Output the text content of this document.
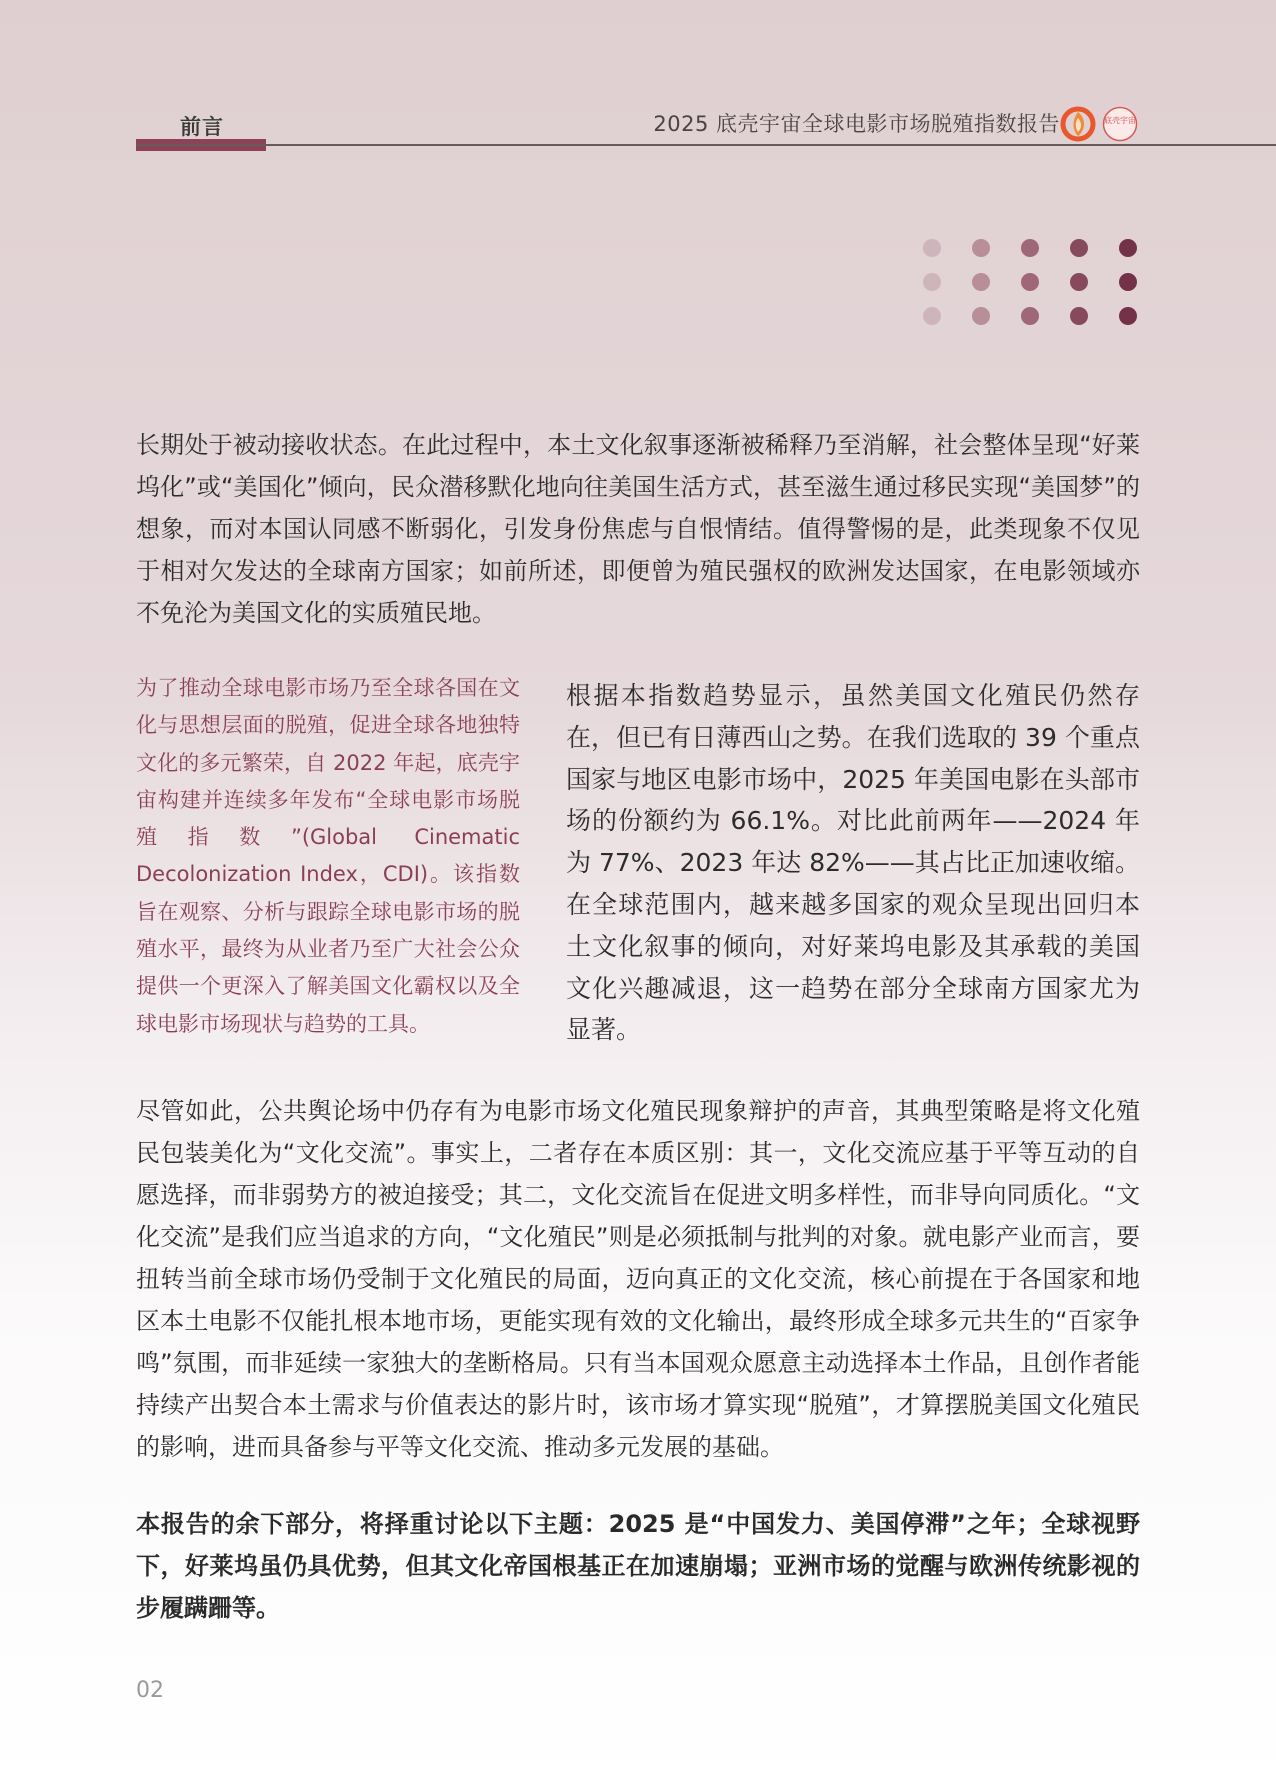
前言	2025 底壳宇宙全球电影市场脱殖指数报告	底壳宇宙

长期处于被动接收状态。在此过程中，本土文化叙事逐渐被稀释乃至消解，社会整体呈现“好莱坞化”或“美国化”倾向，民众潜移默化地向往美国生活方式，甚至滋生通过移民实现“美国梦”的想象，而对本国认同感不断弱化，引发身份焦虑与自恨情结。值得警惕的是，此类现象不仅见于相对欠发达的全球南方国家；如前所述，即便曾为殖民强权的欧洲发达国家，在电影领域亦不免沦为美国文化的实质殖民地。

为了推动全球电影市场乃至全球各国在文化与思想层面的脱殖，促进全球各地独特文化的多元繁荣，自 2022 年起，底壳宇宙构建并连续多年发布“全球电影市场脱殖指数”(Global Cinematic Decolonization Index，CDI)。该指数旨在观察、分析与跟踪全球电影市场的脱殖水平，最终为从业者乃至广大社会公众提供一个更深入了解美国文化霸权以及全球电影市场现状与趋势的工具。

根据本指数趋势显示，虽然美国文化殖民仍然存在，但已有日薄西山之势。在我们选取的 39 个重点国家与地区电影市场中，2025 年美国电影在头部市场的份额约为 66.1%。对比此前两年——2024 年为 77%、2023 年达 82%——其占比正加速收缩。在全球范围内，越来越多国家的观众呈现出回归本土文化叙事的倾向，对好莱坞电影及其承载的美国文化兴趣减退，这一趋势在部分全球南方国家尤为显著。

尽管如此，公共舆论场中仍存有为电影市场文化殖民现象辩护的声音，其典型策略是将文化殖民包装美化为“文化交流”。事实上，二者存在本质区别：其一，文化交流应基于平等互动的自愿选择，而非弱势方的被迫接受；其二，文化交流旨在促进文明多样性，而非导向同质化。“文化交流”是我们应当追求的方向，“文化殖民”则是必须抵制与批判的对象。就电影产业而言，要扭转当前全球市场仍受制于文化殖民的局面，迈向真正的文化交流，核心前提在于各国家和地区本土电影不仅能扎根本地市场，更能实现有效的文化输出，最终形成全球多元共生的“百家争鸣”氛围，而非延续一家独大的垄断格局。只有当本国观众愿意主动选择本土作品，且创作者能持续产出契合本土需求与价值表达的影片时，该市场才算实现“脱殖”，才算摆脱美国文化殖民的影响，进而具备参与平等文化交流、推动多元发展的基础。

本报告的余下部分，将择重讨论以下主题：2025 是“中国发力、美国停滞”之年；全球视野下，好莱坞虽仍具优势，但其文化帝国根基正在加速崩塌；亚洲市场的觉醒与欧洲传统影视的步履蹒跚等。

02
